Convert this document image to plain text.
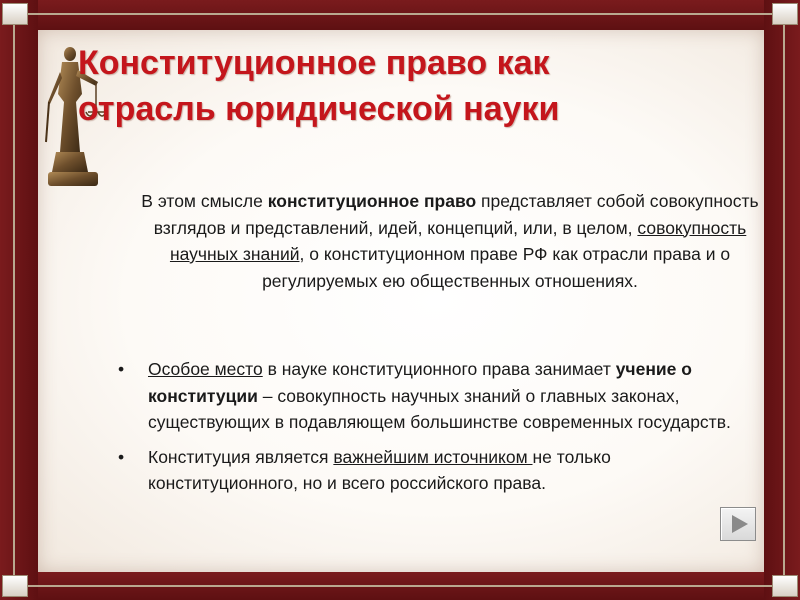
Конституционное право как
отрасль юридической науки
В этом смысле конституционное право представляет собой совокупность взглядов и представлений, идей, концепций, или, в целом, совокупность научных знаний, о конституционном праве РФ как отрасли права и о регулируемых ею общественных отношениях.
• Особое место в науке конституционного права занимает учение о конституции – совокупность научных знаний о главных законах, существующих в подавляющем большинстве современных государств.
• Конституция является важнейшим источником не только конституционного, но и всего российского права.
